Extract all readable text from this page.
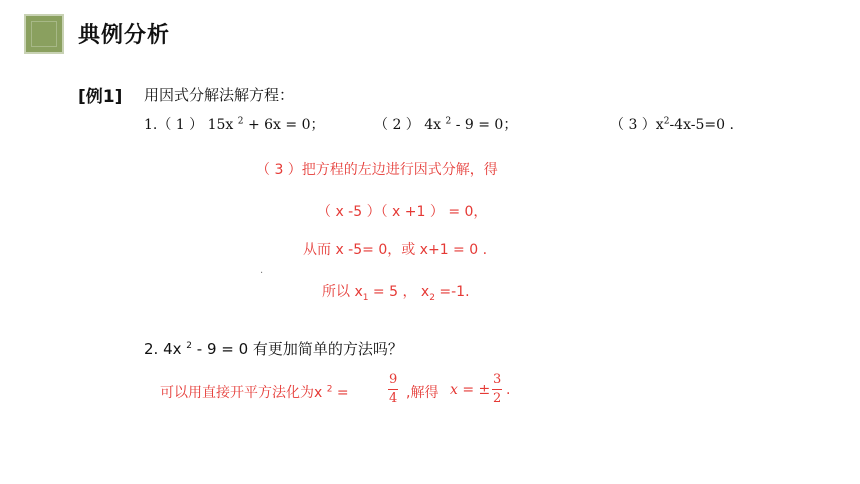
典例分析
[例1] 用因式分解法解方程：
1.（ 1 ） 15x $^2$ + 6x = 0；	（ 2 ） 4x $^2$ - 9 = 0；	（ 3 ）$x^2-4x-5=0$ .
（ 3 ）把方程的左边进行因式分解，得
（ x -5 ）（ x +1 ） = 0，
从而 x -5= 0，或 x+1 = 0 .
.
所以 $x_1 = 5$ ， $x_2 =-1$.
2. 4x $^2$ - 9 = 0 有更加简单的方法吗？
可以用直接开平方法化为x $^2$ =
9
4 ,解得 x = ±
3
2
.
